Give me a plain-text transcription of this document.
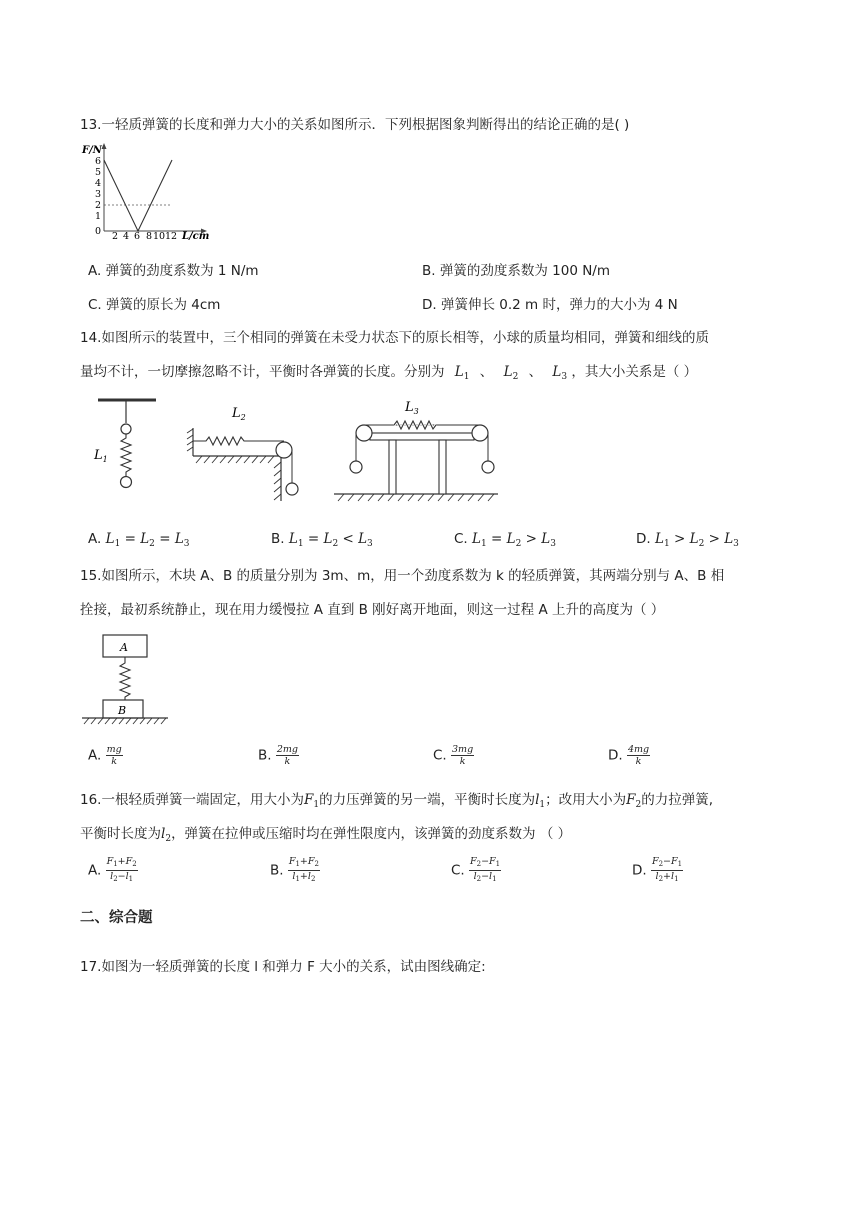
13.一轻质弹簧的长度和弹力大小的关系如图所示．下列根据图象判断得出的结论正确的是( )
F/N
L/cm
6
5
4
3
2
1
0 2 4 6 8 10 12
A. 弹簧的劲度系数为 1 N/m	B. 弹簧的劲度系数为 100 N/m
C. 弹簧的原长为 4cm	D. 弹簧伸长 0.2 m 时，弹力的大小为 4 N
14.如图所示的装置中，三个相同的弹簧在未受力状态下的原长相等，小球的质量均相同，弹簧和细线的质
量均不计，一切摩擦忽略不计，平衡时各弹簧的长度。分别为 $L_1$ 、 $L_2$ 、 $L_3$ ，其大小关系是（ ）
$L_1$
$L_2$
$L_3$
A. $L_1 = L_2 = L_3$	B. $L_1 = L_2 < L_3$	C. $L_1 = L_2 > L_3$	D. $L_1 > L_2 > L_3$
15.如图所示，木块 A、B 的质量分别为 3m、m，用一个劲度系数为 k 的轻质弹簧，其两端分别与 A、B 相
拴接，最初系统静止，现在用力缓慢拉 A 直到 B 刚好离开地面，则这一过程 A 上升的高度为（ ）
A
B
A. $\frac{mg}{k}$	B. $\frac{2mg}{k}$	C. $\frac{3mg}{k}$	D. $\frac{4mg}{k}$
16.一根轻质弹簧一端固定，用大小为$F_1$的力压弹簧的另一端，平衡时长度为$l_1$；改用大小为$F_2$的力拉弹簧,
平衡时长度为$l_2$，弹簧在拉伸或压缩时均在弹性限度内，该弹簧的劲度系数为 （ ）
A. $\frac{F_1+F_2}{l_2-l_1}$	B. $\frac{F_1+F_2}{l_1+l_2}$	C. $\frac{F_2-F_1}{l_2-l_1}$	D. $\frac{F_2-F_1}{l_2+l_1}$
二、综合题
17.如图为一轻质弹簧的长度 l 和弹力 F 大小的关系，试由图线确定:
